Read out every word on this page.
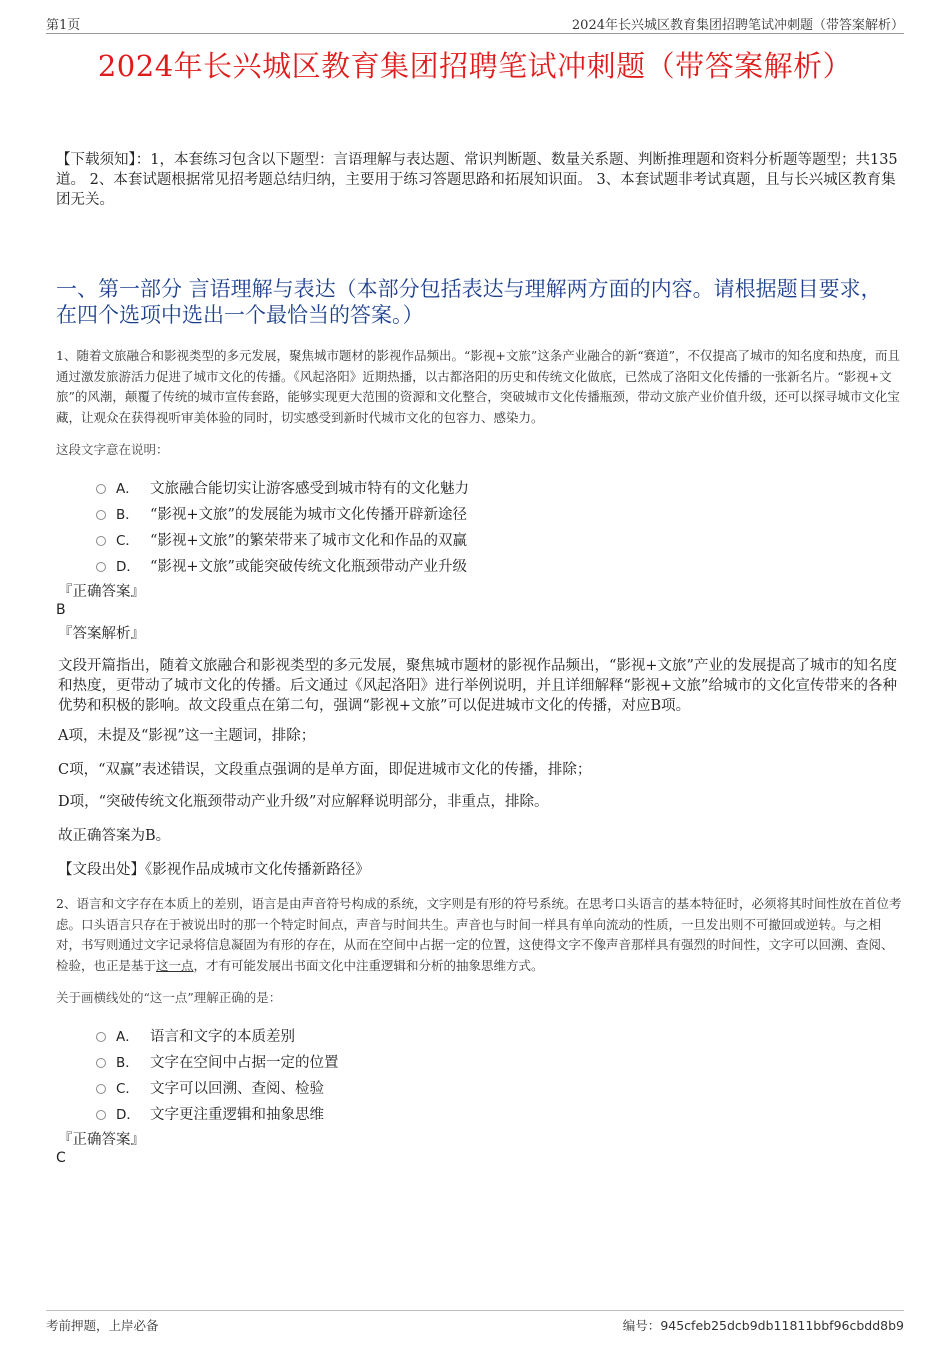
第1页	2024年长兴城区教育集团招聘笔试冲刺题（带答案解析）
2024年长兴城区教育集团招聘笔试冲刺题（带答案解析）
【下载须知】：1，本套练习包含以下题型：言语理解与表达题、常识判断题、数量关系题、判断推理题和资料分析题等题型；共135道。 2、本套试题根据常见招考题总结归纳，主要用于练习答题思路和拓展知识面。 3、本套试题非考试真题，且与长兴城区教育集团无关。
一、第一部分 言语理解与表达（本部分包括表达与理解两方面的内容。请根据题目要求，在四个选项中选出一个最恰当的答案。）
1、随着文旅融合和影视类型的多元发展，聚焦城市题材的影视作品频出。“影视+文旅”这条产业融合的新“赛道”，不仅提高了城市的知名度和热度，而且通过激发旅游活力促进了城市文化的传播。《风起洛阳》近期热播，以古都洛阳的历史和传统文化做底，已然成了洛阳文化传播的一张新名片。“影视+文旅”的风潮，颠覆了传统的城市宣传套路，能够实现更大范围的资源和文化整合，突破城市文化传播瓶颈，带动文旅产业价值升级，还可以探寻城市文化宝藏，让观众在获得视听审美体验的同时，切实感受到新时代城市文化的包容力、感染力。
这段文字意在说明：
A． 文旅融合能切实让游客感受到城市特有的文化魅力
B． “影视+文旅”的发展能为城市文化传播开辟新途径
C． “影视+文旅”的繁荣带来了城市文化和作品的双赢
D． “影视+文旅”或能突破传统文化瓶颈带动产业升级
『正确答案』
B
『答案解析』
文段开篇指出，随着文旅融合和影视类型的多元发展，聚焦城市题材的影视作品频出，“影视+文旅”产业的发展提高了城市的知名度和热度，更带动了城市文化的传播。后文通过《风起洛阳》进行举例说明，并且详细解释“影视+文旅”给城市的文化宣传带来的各种优势和积极的影响。故文段重点在第二句，强调“影视+文旅”可以促进城市文化的传播，对应B项。
A项，未提及“影视”这一主题词，排除；
C项，“双赢”表述错误，文段重点强调的是单方面，即促进城市文化的传播，排除；
D项，“突破传统文化瓶颈带动产业升级”对应解释说明部分，非重点，排除。
故正确答案为B。
【文段出处】《影视作品成城市文化传播新路径》
2、语言和文字存在本质上的差别，语言是由声音符号构成的系统，文字则是有形的符号系统。在思考口头语言的基本特征时，必须将其时间性放在首位考虑。口头语言只存在于被说出时的那一个特定时间点，声音与时间共生。声音也与时间一样具有单向流动的性质，一旦发出则不可撤回或逆转。与之相对，书写则通过文字记录将信息凝固为有形的存在，从而在空间中占据一定的位置，这使得文字不像声音那样具有强烈的时间性，文字可以回溯、查阅、检验，也正是基于这一点，才有可能发展出书面文化中注重逻辑和分析的抽象思维方式。
关于画横线处的“这一点”理解正确的是：
A． 语言和文字的本质差别
B． 文字在空间中占据一定的位置
C． 文字可以回溯、查阅、检验
D． 文字更注重逻辑和抽象思维
『正确答案』
C
考前押题，上岸必备	编号：945cfeb25dcb9db11811bbf96cbdd8b9
